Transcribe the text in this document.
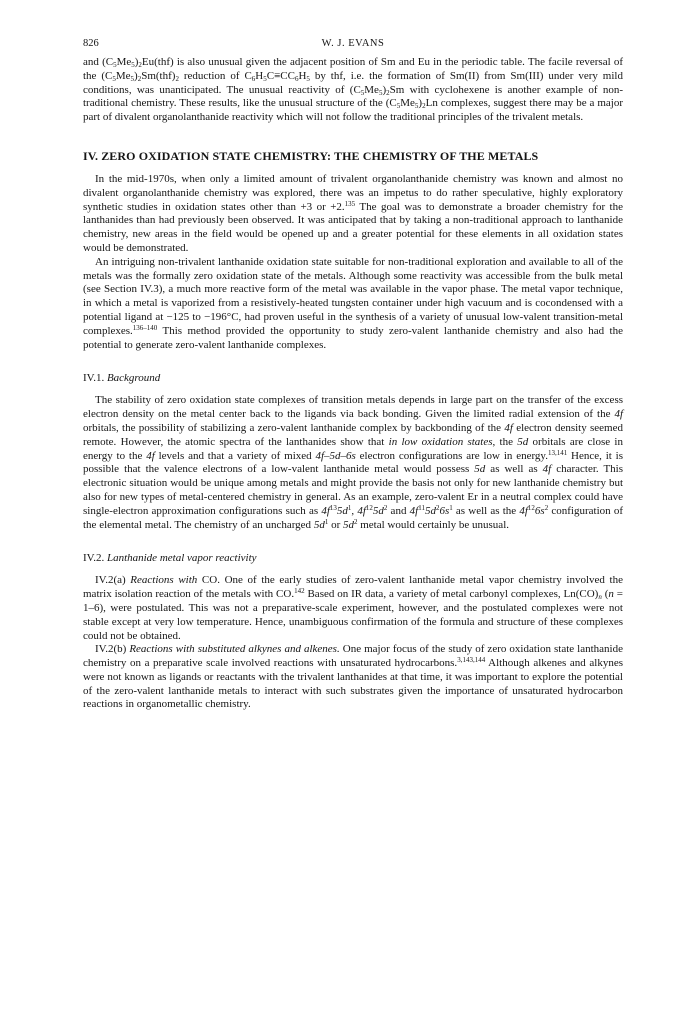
826	W. J. EVANS

and $(C_5Me_5)_2Eu(thf)$ is also unusual given the adjacent position of Sm and Eu in the periodic table. The facile reversal of the $(C_5Me_5)_2Sm(thf)_2$ reduction of $C_6H_5C\equiv CC_6H_5$ by thf, i.e. the formation of Sm(II) from Sm(III) under very mild conditions, was unanticipated. The unusual reactivity of $(C_5Me_5)_2Sm$ with cyclohexene is another example of non-traditional chemistry. These results, like the unusual structure of the $(C_5Me_5)_2Ln$ complexes, suggest there may be a major part of divalent organolanthanide reactivity which will not follow the traditional principles of the trivalent metals.

IV. ZERO OXIDATION STATE CHEMISTRY: THE CHEMISTRY OF THE METALS

In the mid-1970s, when only a limited amount of trivalent organolanthanide chemistry was known and almost no divalent organolanthanide chemistry was explored, there was an impetus to do rather speculative, highly exploratory synthetic studies in oxidation states other than +3 or +2.$^{135}$ The goal was to demonstrate a broader chemistry for the lanthanides than had previously been observed. It was anticipated that by taking a non-traditional approach to lanthanide chemistry, new areas in the field would be opened up and a greater potential for these elements in all oxidation states would be demonstrated.

An intriguing non-trivalent lanthanide oxidation state suitable for non-traditional exploration and available to all of the metals was the formally zero oxidation state of the metals. Although some reactivity was accessible from the bulk metal (see Section IV.3), a much more reactive form of the metal was available in the vapor phase. The metal vapor technique, in which a metal is vaporized from a resistively-heated tungsten container under high vacuum and is cocondensed with a potential ligand at −125 to −196°C, had proven useful in the synthesis of a variety of unusual low-valent transition-metal complexes.$^{136-140}$ This method provided the opportunity to study zero-valent lanthanide chemistry and also had the potential to generate zero-valent lanthanide complexes.

IV.1. Background

The stability of zero oxidation state complexes of transition metals depends in large part on the transfer of the excess electron density on the metal center back to the ligands via back bonding. Given the limited radial extension of the 4f orbitals, the possibility of stabilizing a zero-valent lanthanide complex by backbonding of the 4f electron density seemed remote. However, the atomic spectra of the lanthanides show that in low oxidation states, the 5d orbitals are close in energy to the 4f levels and that a variety of mixed 4f–5d–6s electron configurations are low in energy.$^{13,141}$ Hence, it is possible that the valence electrons of a low-valent lanthanide metal would possess 5d as well as 4f character. This electronic situation would be unique among metals and might provide the basis not only for new lanthanide chemistry but also for new types of metal-centered chemistry in general. As an example, zero-valent Er in a neutral complex could have single-electron approximation configurations such as $4f^{13}5d^1$, $4f^{12}5d^2$ and $4f^{11}5d^26s^1$ as well as the $4f^{12}6s^2$ configuration of the elemental metal. The chemistry of an uncharged $5d^1$ or $5d^2$ metal would certainly be unusual.

IV.2. Lanthanide metal vapor reactivity

IV.2(a) Reactions with CO. One of the early studies of zero-valent lanthanide metal vapor chemistry involved the matrix isolation reaction of the metals with CO.$^{142}$ Based on IR data, a variety of metal carbonyl complexes, $Ln(CO)_n$ (n = 1–6), were postulated. This was not a preparative-scale experiment, however, and the postulated complexes were not stable except at very low temperature. Hence, unambiguous confirmation of the formula and structure of these complexes could not be obtained.

IV.2(b) Reactions with substituted alkynes and alkenes. One major focus of the study of zero oxidation state lanthanide chemistry on a preparative scale involved reactions with unsaturated hydrocarbons.$^{3,143,144}$ Although alkenes and alkynes were not known as ligands or reactants with the trivalent lanthanides at that time, it was important to explore the potential of the zero-valent lanthanide metals to interact with such substrates given the importance of unsaturated hydrocarbon reactions in organometallic chemistry.
